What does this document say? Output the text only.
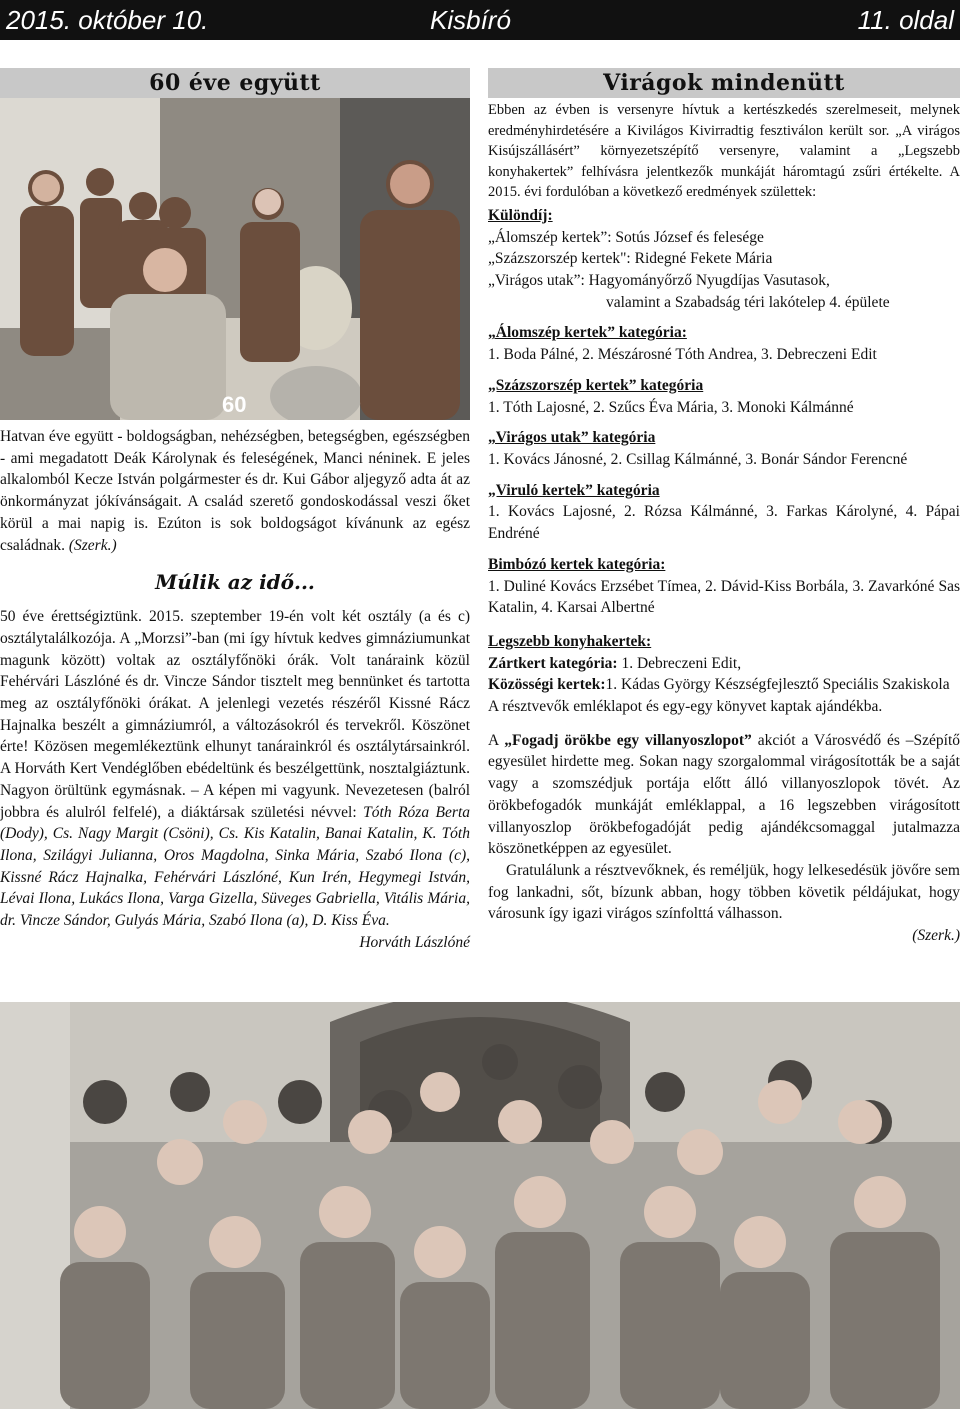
2015. október 10.	Kisbíró	11. oldal
60 éve együtt
60

Hatvan éve együtt - boldogságban, nehézségben, betegségben, egészségben - ami megadatott Deák Károlynak és feleségének, Manci néninek. E jeles alkalomból Kecze István polgármester és dr. Kui Gábor aljegyző adta át az önkormányzat jókívánságait. A család szerető gondoskodással veszi őket körül a mai napig is. Ezúton is sok boldogságot kívánunk az egész családnak. (Szerk.)

Múlik az idő...

50 éve érettségiztünk. 2015. szeptember 19-én volt két osztály (a és c) osztálytalálkozója. A „Morzsi”-ban (mi így hívtuk kedves gimnáziumunkat magunk között) voltak az osztályfőnöki órák. Volt tanáraink közül Fehérvári Lászlóné és dr. Vincze Sándor tisztelt meg bennünket és tartotta meg az osztályfőnöki órákat. A jelenlegi vezetés részéről Kissné Rácz Hajnalka beszélt a gimnáziumról, a változásokról és tervekről. Köszönet érte! Közösen megemlékeztünk elhunyt tanárainkról és osztálytársainkról. A Horváth Kert Vendéglőben ebédeltünk és beszélgettünk, nosztalgiáztunk. Nagyon örültünk egymásnak. – A képen mi vagyunk. Nevezetesen (balról jobbra és alulról felfelé), a diáktársak születési névvel: Tóth Róza Berta (Dody), Cs. Nagy Margit (Csöni), Cs. Kis Katalin, Banai Katalin, K. Tóth Ilona, Szilágyi Julianna, Oros Magdolna, Sinka Mária, Szabó Ilona (c), Kissné Rácz Hajnalka, Fehérvári Lászlóné, Kun Irén, Hegymegi István, Lévai Ilona, Lukács Ilona, Varga Gizella, Süveges Gabriella, Vitális Mária, dr. Vincze Sándor, Gulyás Mária, Szabó Ilona (a), D. Kiss Éva.

Horváth Lászlóné

Virágok mindenütt
Ebben az évben is versenyre hívtuk a kertészkedés szerelmeseit, melynek eredményhirdetésére a Kivilágos Kivirradtig fesztiválon került sor. „A virágos Kisújszállásért” környezetszépítő versenyre, valamint a „Legszebb konyhakertek” felhívásra jelentkezők munkáját háromtagú zsűri értékelte. A 2015. évi fordulóban a következő eredmények születtek:

Különdíj:

„Álomszép kertek”: Sotús József és felesége

„Százszorszép kertek": Ridegné Fekete Mária

„Virágos utak”: Hagyományőrző Nyugdíjas Vasutasok,

valamint a Szabadság téri lakótelep 4. épülete

„Álomszép kertek” kategória:

1. Boda Pálné, 2. Mészárosné Tóth Andrea, 3. Debreczeni Edit

„Százszorszép kertek” kategória

1. Tóth Lajosné, 2. Szűcs Éva Mária, 3. Monoki Kálmánné

„Virágos utak” kategória

1. Kovács Jánosné, 2. Csillag Kálmánné, 3. Bonár Sándor Ferencné

„Viruló kertek” kategória

1. Kovács Lajosné, 2. Rózsa Kálmánné, 3. Farkas Károlyné, 4. Pápai Endréné

Bimbózó kertek kategória:

1. Duliné Kovács Erzsébet Tímea, 2. Dávid-Kiss Borbála, 3. Zavarkóné Sas Katalin, 4. Karsai Albertné

Legszebb konyhakertek:

Zártkert kategória: 1. Debreczeni Edit,

Közösségi kertek:1. Kádas György Készségfejlesztő Speciális Szakiskola

A résztvevők emléklapot és egy-egy könyvet kaptak ajándékba.

A „Fogadj örökbe egy villanyoszlopot” akciót a Városvédő és –Szépítő egyesület hirdette meg. Sokan nagy szorgalommal virágosították be a saját vagy a szomszédjuk portája előtt álló villanyoszlopok tövét. Az örökbefogadók munkáját emléklappal, a 16 legszebben virágosított villanyoszlop örökbefogadóját pedig ajándékcsomaggal jutalmazza köszönetképpen az egyesület.

Gratulálunk a résztvevőknek, és reméljük, hogy lelkesedésük jövőre sem fog lankadni, sőt, bízunk abban, hogy többen követik példájukat, hogy városunk így igazi virágos színfolttá válhasson.

(Szerk.)
